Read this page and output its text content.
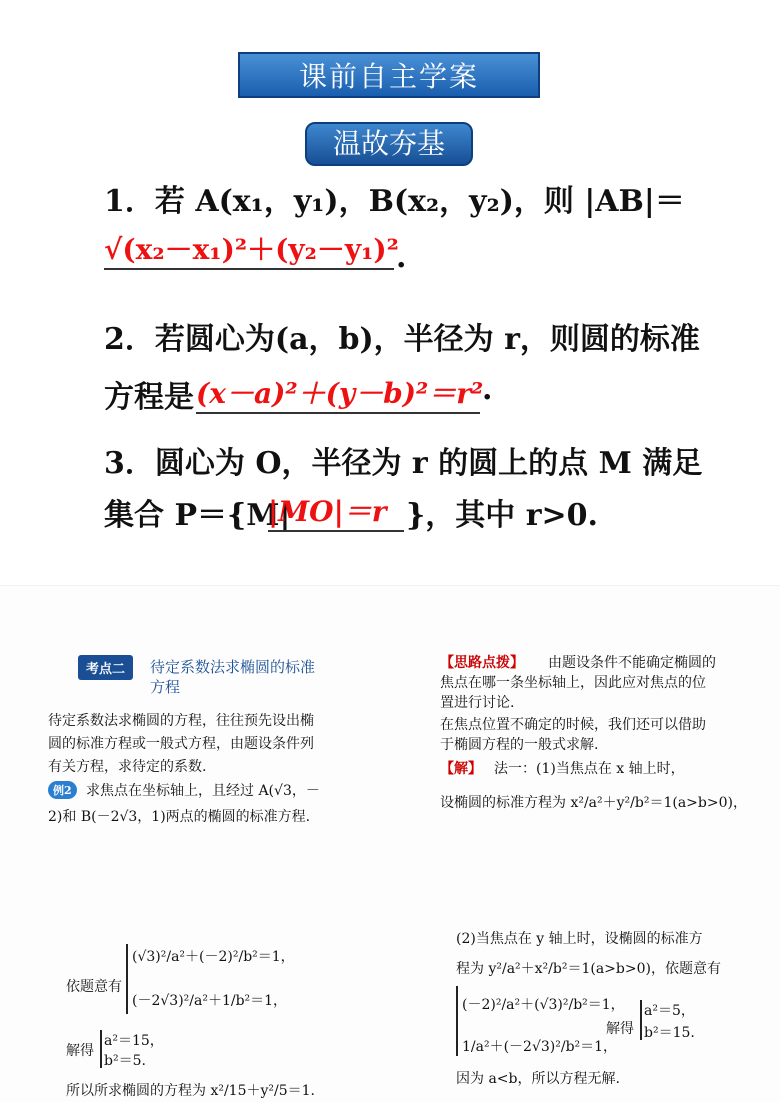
课前自主学案
温故夯基
1．若 A(x₁，y₁)，B(x₂，y₂)，则 |AB|＝
√(x₂－x₁)²＋(y₂－y₁)²
.
2．若圆心为(a，b)，半径为 r，则圆的标准
方程是 (x－a)²＋(y－b)²＝r²
.
3．圆心为 O，半径为 r 的圆上的点 M 满足
集合 P＝{M|
|MO|＝r }，其中 r>0.
考点二	待定系数法求椭圆的标准
方程
待定系数法求椭圆的方程，往往预先设出椭
圆的标准方程或一般式方程，由题设条件列
有关方程，求待定的系数.
例2	求焦点在坐标轴上，且经过 A(√3，－
2)和 B(－2√3，1)两点的椭圆的标准方程.
【思路点拨】 由题设条件不能确定椭圆的
焦点在哪一条坐标轴上，因此应对焦点的位
置进行讨论.
在焦点位置不确定的时候，我们还可以借助
于椭圆方程的一般式求解.
【解】 法一：(1)当焦点在 x 轴上时，
设椭圆的标准方程为 x²/a²＋y²/b²＝1(a>b>0)，
(√3)²/a²＋(－2)²/b²＝1，
依题意有
(－2√3)²/a²＋1/b²＝1，
解得
a²＝15，
b²＝5.
所以所求椭圆的方程为 x²/15＋y²/5＝1.
(2)当焦点在 y 轴上时，设椭圆的标准方
程为 y²/a²＋x²/b²＝1(a>b>0)，依题意有
(－2)²/a²＋(√3)²/b²＝1，
1/a²＋(－2√3)²/b²＝1，
解得
a²＝5，
b²＝15.
因为 a<b，所以方程无解.
